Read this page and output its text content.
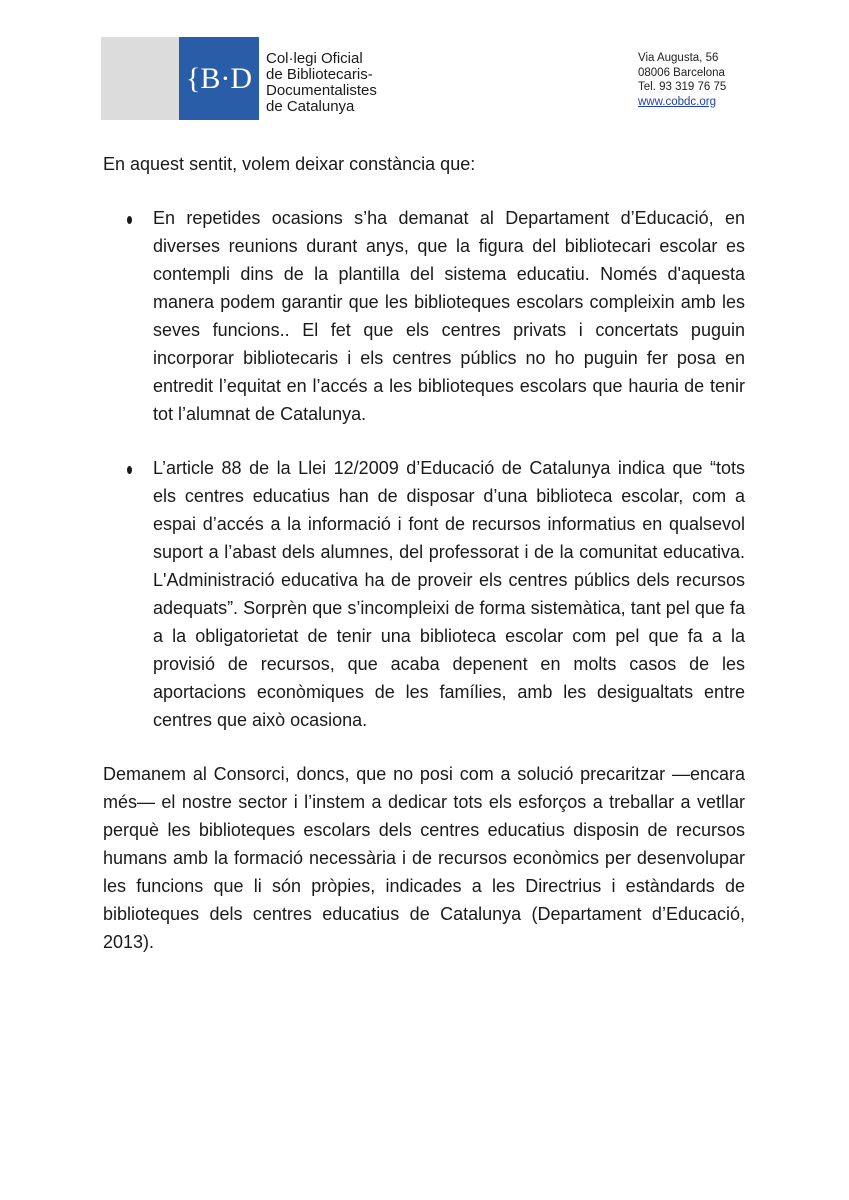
{B·D
Col·legi Oficial
de Bibliotecaris-
Documentalistes
de Catalunya
Via Augusta, 56
08006 Barcelona
Tel. 93 319 76 75
www.cobdc.org

En aquest sentit, volem deixar constància que:

En repetides ocasions s’ha demanat al Departament d’Educació, en diverses reunions durant anys, que la figura del bibliotecari escolar es contempli dins de la plantilla del sistema educatiu. Només d'aquesta manera podem garantir que les biblioteques escolars compleixin amb les seves funcions.. El fet que els centres privats i concertats puguin incorporar bibliotecaris i els centres públics no ho puguin fer posa en entredit l’equitat en l’accés a les biblioteques escolars que hauria de tenir tot l’alumnat de Catalunya.
L’article 88 de la Llei 12/2009 d’Educació de Catalunya indica que “tots els centres educatius han de disposar d’una biblioteca escolar, com a espai d’accés a la informació i font de recursos informatius en qualsevol suport a l’abast dels alumnes, del professorat i de la comunitat educativa. L'Administració educativa ha de proveir els centres públics dels recursos adequats”. Sorprèn que s’incompleixi de forma sistemàtica, tant pel que fa a la obligatorietat de tenir una biblioteca escolar com pel que fa a la provisió de recursos, que acaba depenent en molts casos de les aportacions econòmiques de les famílies, amb les desigualtats entre centres que això ocasiona.

Demanem al Consorci, doncs, que no posi com a solució precaritzar —encara més— el nostre sector i l’instem a dedicar tots els esforços a treballar a vetllar perquè les biblioteques escolars dels centres educatius disposin de recursos humans amb la formació necessària i de recursos econòmics per desenvolupar les funcions que li són pròpies, indicades a les Directrius i estàndards de biblioteques dels centres educatius de Catalunya (Departament d’Educació, 2013).
